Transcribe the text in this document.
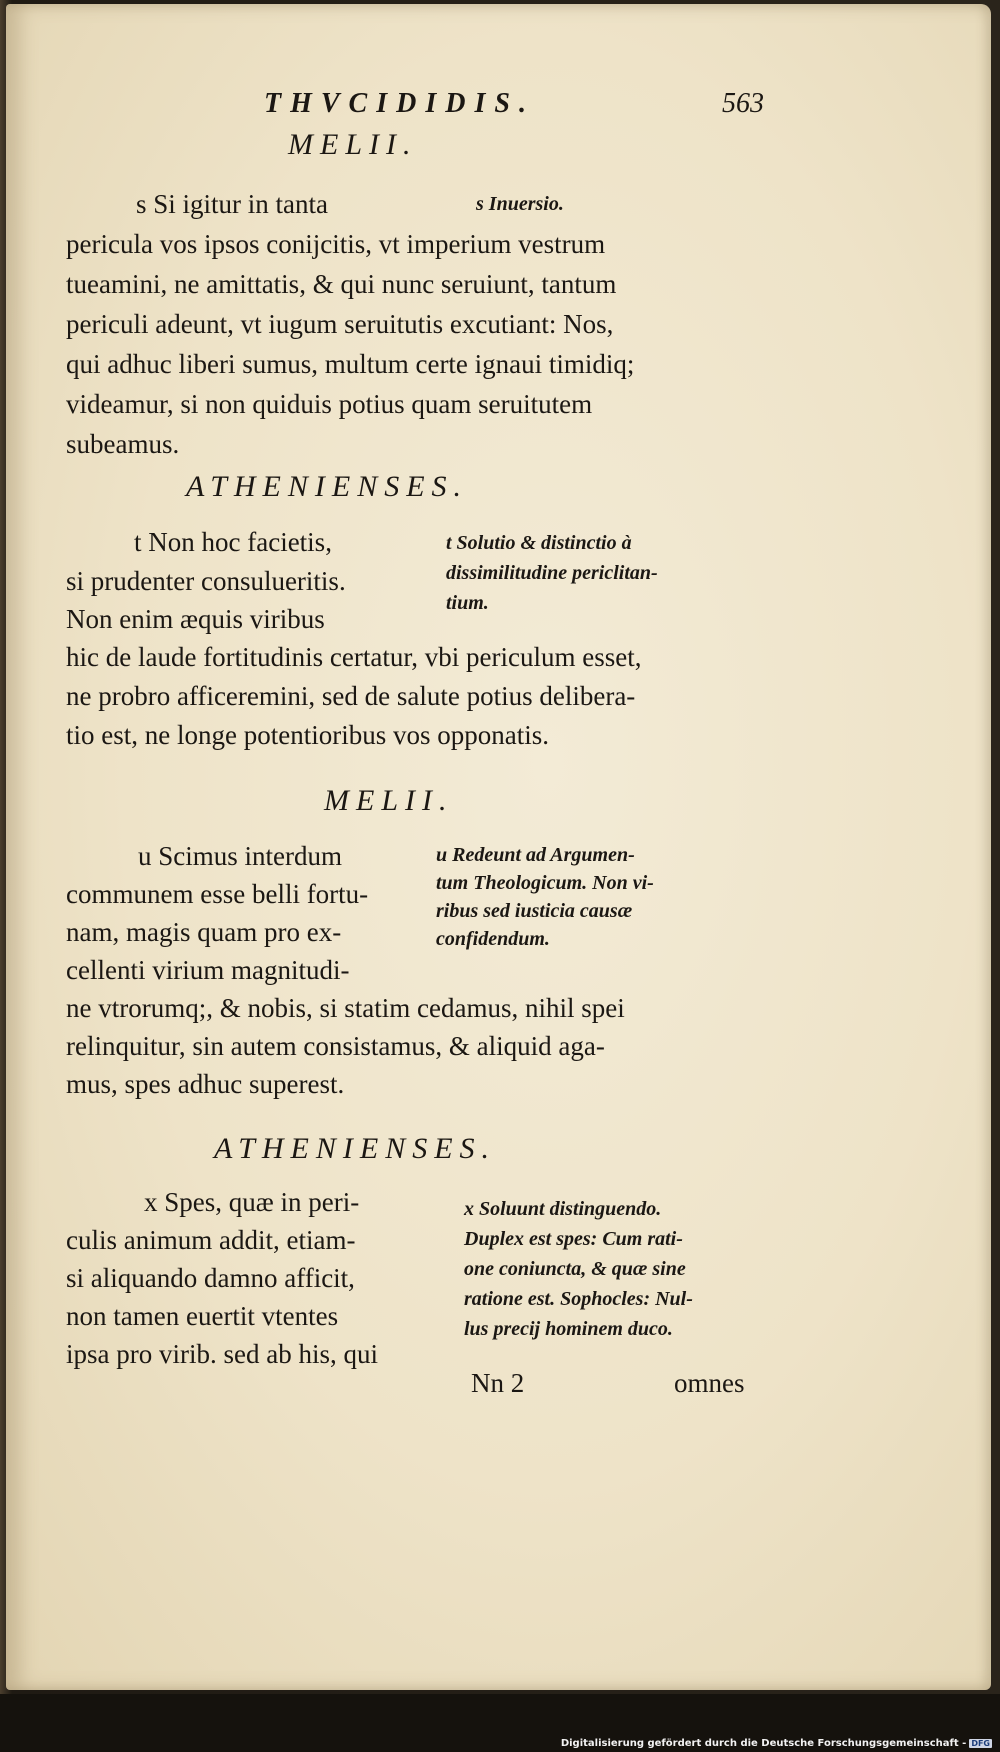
THVCIDIDIS.	563
MELII.
s Si igitur in tanta	s Inuersio.
pericula vos ipsos conijcitis, vt imperium vestrum
tueamini, ne amittatis, & qui nunc seruiunt, tantum
periculi adeunt, vt iugum seruitutis excutiant: Nos,
qui adhuc liberi sumus, multum certe ignaui timidiq;
videamur, si non quiduis potius quam seruitutem
subeamus.
ATHENIENSES.
t Non hoc facietis,
si prudenter consulueritis.
Non enim æquis viribus
t Solutio & distinctio à
dissimilitudine periclitan-
tium.
hic de laude fortitudinis certatur, vbi periculum esset,
ne probro afficeremini, sed de salute potius delibera-
tio est, ne longe potentioribus vos opponatis.
MELII.
u Scimus interdum
communem esse belli fortu-
nam, magis quam pro ex-
cellenti virium magnitudi-
u Redeunt ad Argumen-
tum Theologicum. Non vi-
ribus sed iusticia causæ
confidendum.
ne vtrorumq;, & nobis, si statim cedamus, nihil spei
relinquitur, sin autem consistamus, & aliquid aga-
mus, spes adhuc superest.
ATHENIENSES.
x Spes, quæ in peri-
culis animum addit, etiam-
si aliquando damno afficit,
non tamen euertit vtentes
ipsa pro virib. sed ab his, qui
x Soluunt distinguendo.
Duplex est spes: Cum rati-
one coniuncta, & quæ sine
ratione est. Sophocles: Nul-
lus precij hominem duco.
Nn 2	omnes
Digitalisierung gefördert durch die Deutsche Forschungsgemeinschaft - DFG
